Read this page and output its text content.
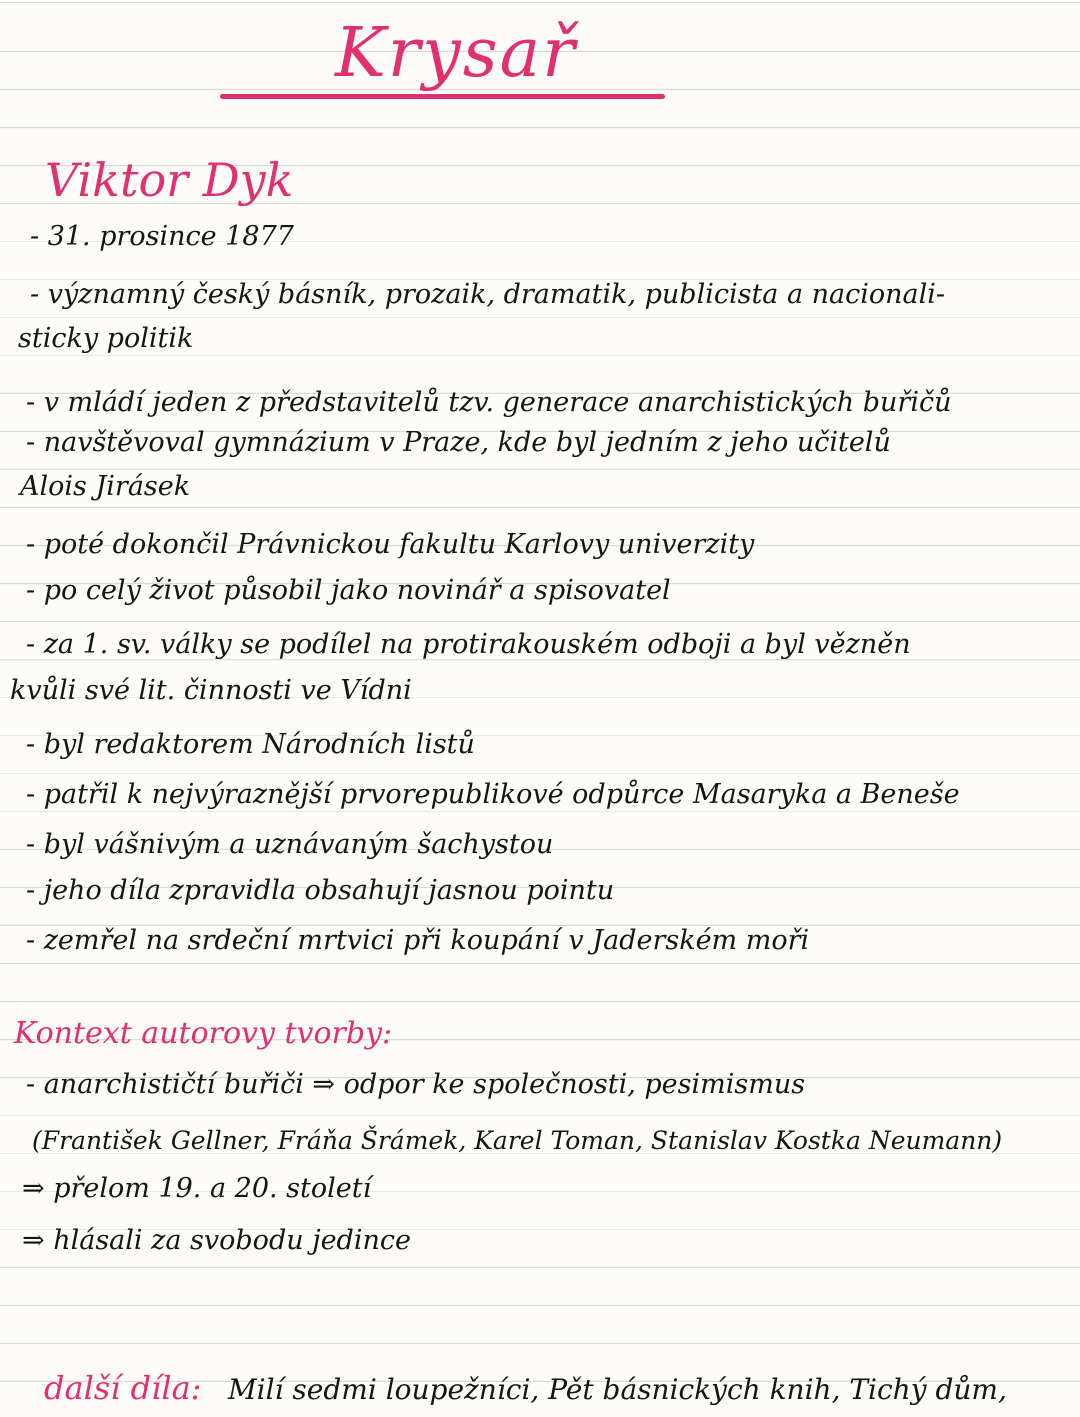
Krysař
Viktor Dyk
- 31. prosince 1877
- významný český básník, prozaik, dramatik, publicista a nacionali-
sticky politik
- v mládí jeden z představitelů tzv. generace anarchistických buřičů
- navštěvoval gymnázium v Praze, kde byl jedním z jeho učitelů
Alois Jirásek
- poté dokončil Právnickou fakultu Karlovy univerzity
- po celý život působil jako novinář a spisovatel
- za 1. sv. války se podílel na protirakouském odboji a byl vězněn
kvůli své lit. činnosti ve Vídni
- byl redaktorem Národních listů
- patřil k nejvýraznější prvorepublikové odpůrce Masaryka a Beneše
- byl vášnivým a uznávaným šachystou
- jeho díla zpravidla obsahují jasnou pointu
- zemřel na srdeční mrtvici při koupání v Jaderském moři
Kontext autorovy tvorby:
- anarchističtí buřiči ⇒ odpor ke společnosti, pesimismus
(František Gellner, Fráňa Šrámek, Karel Toman, Stanislav Kostka Neumann)
⇒ přelom 19. a 20. století
⇒ hlásali za svobodu jedince
další díla: Milí sedmi loupežníci, Pět básnických knih, Tichý dům,
